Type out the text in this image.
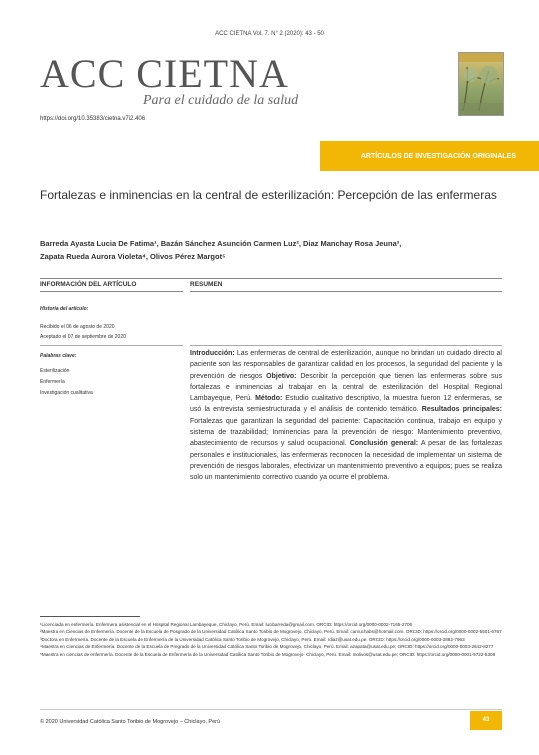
ACC CIETNA Vol. 7. N° 2 (2020): 43 - 50
ACC CIETNA
Para el cuidado de la salud
https://doi.org/10.35383/cietna.v7i2.406
ARTÍCULOS DE INVESTIGACIÓN ORIGINALES
Fortalezas e inminencias en la central de esterilización: Percepción de las enfermeras
Barreda Ayasta Lucia De Fatima¹, Bazán Sánchez Asunción Carmen Luz², Diaz Manchay Rosa Jeuna³,
Zapata Rueda Aurora Violeta⁴, Olivos Pérez Margot⁵
INFORMACIÓN DEL ARTÍCULO	RESUMEN
Historia del artículo:
Recibido el 06 de agosto de 2020
Aceptado el 07 de septiembre de 2020
Palabras clave:
Esterilización
Enfermería
Investigación cualitativa
Introducción: Las enfermeras de central de esterilización, aunque no brindan un cuidado directo al paciente son las responsables de garantizar calidad en los procesos, la seguridad del paciente y la prevención de riesgos Objetivo: Describir la percepción que tienen las enfermeras sobre sus fortalezas e inminencias al trabajar en la central de esterilización del Hospital Regional Lambayeque, Perú. Método: Estudio cualitativo descriptivo, la muestra fueron 12 enfermeras, se usó la entrevista semiestructurada y el análisis de contenido temático. Resultados principales: Fortalezas que garantizan la seguridad del paciente: Capacitación continua, trabajo en equipo y sistema de trazabilidad; Inminencias para la prevención de riesgo: Mantenimiento preventivo, abastecimiento de recursos y salud ocupacional. Conclusión general: A pesar de las fortalezas personales e institucionales, las enfermeras reconocen la necesidad de implementar un sistema de prevención de riesgos laborales, efectivizar un mantenimiento preventivo a equipos; pues se realiza solo un mantenimiento correctivo cuando ya ocurre el problema.

¹Licenciada en enfermería. Enfermera asistencial en el Hospital Regional Lambayeque, Chiclayo, Perú. Email: lucibarreda@gmail.com. ORCID: https://orcid.org/0000-0002-7165-2706

²Maestra en Ciencias de Enfermería. Docente de la Escuela de Posgrado de la Universidad Católica Santo Toribio de Mogrovejo, Chiclayo, Perú. Email: camuchabs@hotmail.com. ORCID: https://orcid.org/0000-0002-5501-6767

³Doctora en Enfermería. Docente de la Escuela de Enfermería de la Universidad Católica Santo Toribio de Mogrovejo, Chiclayo, Perú. Email: rdiaz@usat.edu.pe. ORCID: https://orcid.org/0000-0003-2882-7963

⁴Maestra en Ciencias de Enfermería. Docente de la Escuela de Pregrado de la Universidad Católica Santo Toribio de Mogrovejo, Chiclayo, Perú. Email: azapata@usat.edu.pe; ORCID: https://orcid.org/0000-0003-2642-8277

⁵Maestra en ciencias de enfermería. Docente de la Escuela de Enfermería de la Universidad Católica Santo Toribio de Mogrovejo- Chiclayo, Perú. Email: molivos@usat.edu.pe; ORCID: https://orcid.org/0000-0001-9722-5308

© 2020 Universidad Católica Santo Toribio de Mogrovejo – Chiclayo, Perú	43
